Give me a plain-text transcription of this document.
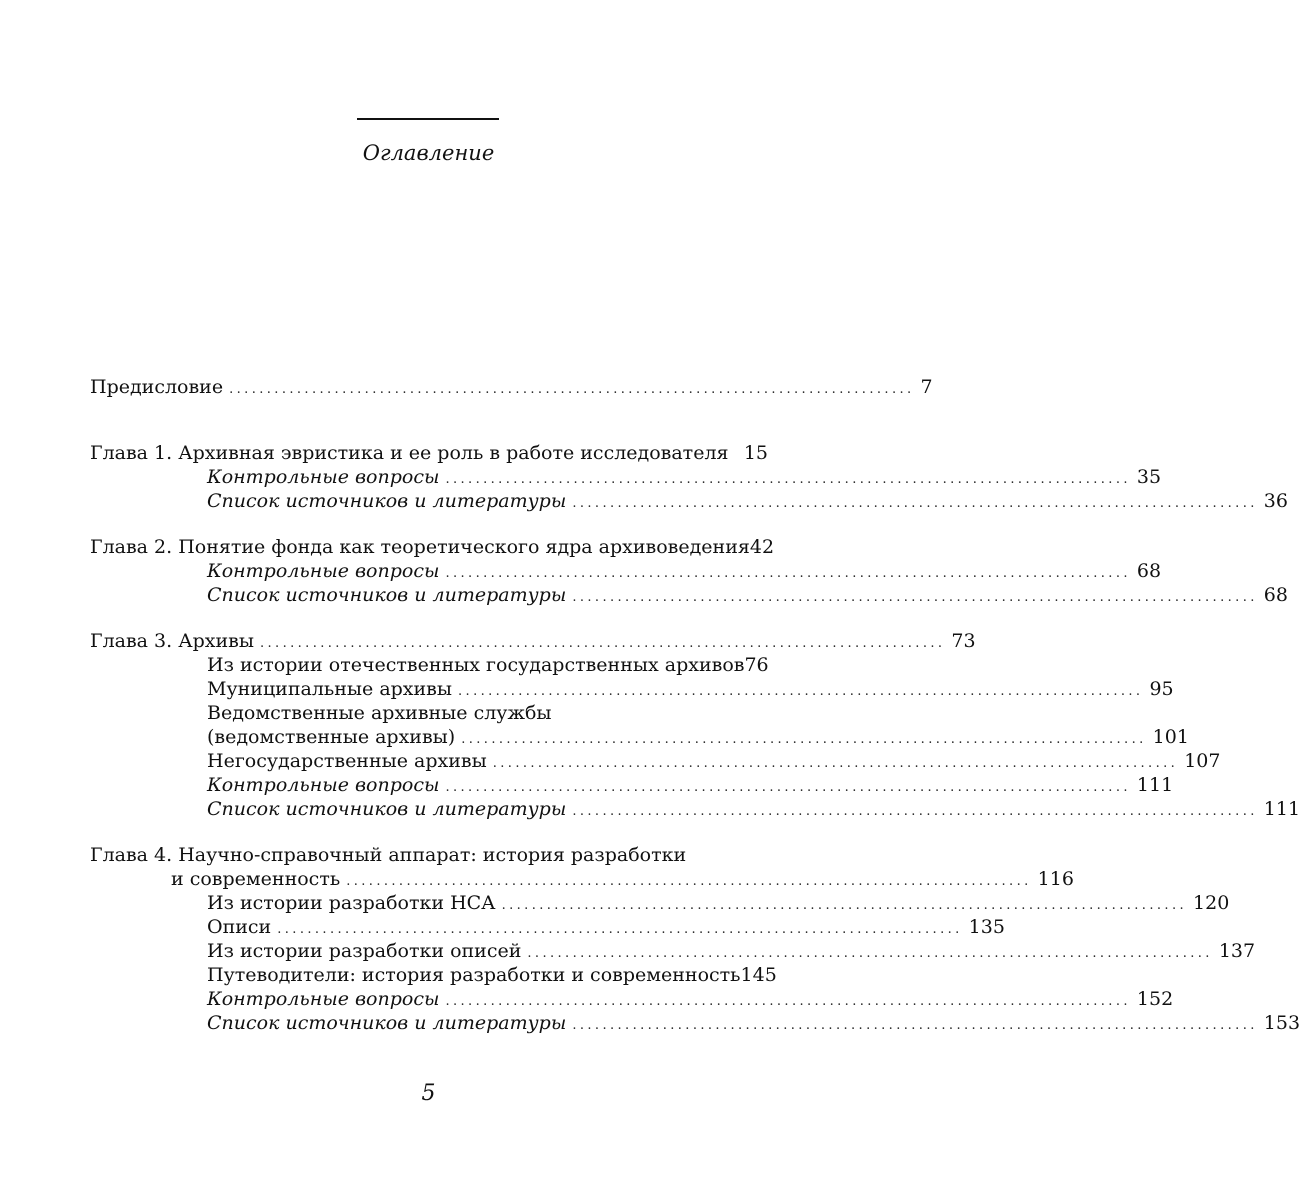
Оглавление
Предисловие ........................................................................................... 7
Глава 1. Архивная эвристика и ее роль в работе исследователя 15
Контрольные вопросы ........................................................................................... 35
Список источников и литературы ........................................................................................... 36
Глава 2. Понятие фонда как теоретического ядра архивоведения 42
Контрольные вопросы ........................................................................................... 68
Список источников и литературы ........................................................................................... 68
Глава 3. Архивы ........................................................................................... 73
Из истории отечественных государственных архивов 76
Муниципальные архивы ........................................................................................... 95
Ведомственные архивные службы
(ведомственные архивы) ........................................................................................... 101
Негосударственные архивы ........................................................................................... 107
Контрольные вопросы ........................................................................................... 111
Список источников и литературы ........................................................................................... 111
Глава 4. Научно-справочный аппарат: история разработки
и современность ........................................................................................... 116
Из истории разработки НСА ........................................................................................... 120
Описи ........................................................................................... 135
Из истории разработки описей ........................................................................................... 137
Путеводители: история разработки и современность 145
Контрольные вопросы ........................................................................................... 152
Список источников и литературы ........................................................................................... 153
5
